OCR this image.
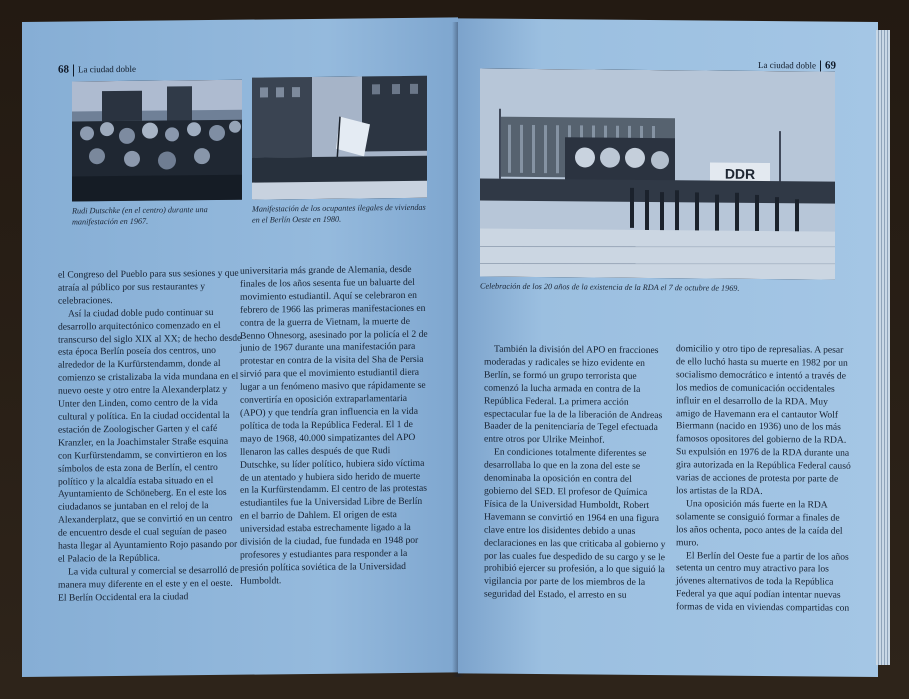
68 La ciudad doble
Rudi Dutschke (en el centro) durante una manifestación en 1967.
Manifestación de los ocupantes ilegales de viviendas en el Berlín Oeste en 1980.

el Congreso del Pueblo para sus sesiones y que atraía al público por sus restaurantes y celebraciones.

Así la ciudad doble pudo continuar su desarrollo arquitectónico comenzado en el transcurso del siglo XIX al XX; de hecho desde esta época Berlín poseía dos centros, uno alrededor de la Kurfürstendamm, donde al comienzo se cristalizaba la vida mundana en el nuevo oeste y otro entre la Alexanderplatz y Unter den Linden, como centro de la vida cultural y política. En la ciudad occidental la estación de Zoologischer Garten y el café Kranzler, en la Joachimstaler Straße esquina con Kurfürstendamm, se convirtieron en los símbolos de esta zona de Berlín, el centro político y la alcaldía estaba situado en el Ayuntamiento de Schöneberg. En el este los ciudadanos se juntaban en el reloj de la Alexanderplatz, que se convirtió en un centro de encuentro desde el cual seguían de paseo hasta llegar al Ayuntamiento Rojo pasando por el Palacio de la República.

La vida cultural y comercial se desarrolló de manera muy diferente en el este y en el oeste. El Berlín Occidental era la ciudad

universitaria más grande de Alemania, desde finales de los años sesenta fue un baluarte del movimiento estudiantil. Aquí se celebraron en febrero de 1966 las primeras manifestaciones en contra de la guerra de Vietnam, la muerte de Benno Ohnesorg, asesinado por la policía el 2 de junio de 1967 durante una manifestación para protestar en contra de la visita del Sha de Persia sirvió para que el movimiento estudiantil diera lugar a un fenómeno masivo que rápidamente se convertiría en oposición extraparlamentaria (APO) y que tendría gran influencia en la vida política de toda la República Federal. El 1 de mayo de 1968, 40.000 simpatizantes del APO llenaron las calles después de que Rudi Dutschke, su líder político, hubiera sido víctima de un atentado y hubiera sido herido de muerte en la Kurfürstendamm. El centro de las protestas estudiantiles fue la Universidad Libre de Berlín en el barrio de Dahlem. El origen de esta universidad estaba estrechamente ligado a la división de la ciudad, fue fundada en 1948 por profesores y estudiantes para responder a la presión política soviética de la Universidad Humboldt.

La ciudad doble 69
DDR
Celebración de los 20 años de la existencia de la RDA el 7 de octubre de 1969.

También la división del APO en fracciones moderadas y radicales se hizo evidente en Berlín, se formó un grupo terrorista que comenzó la lucha armada en contra de la República Federal. La primera acción espectacular fue la de la liberación de Andreas Baader de la penitenciaría de Tegel efectuada entre otros por Ulrike Meinhof.

En condiciones totalmente diferentes se desarrollaba lo que en la zona del este se denominaba la oposición en contra del gobierno del SED. El profesor de Química Física de la Universidad Humboldt, Robert Havemann se convirtió en 1964 en una figura clave entre los disidentes debido a unas declaraciones en las que criticaba al gobierno y por las cuales fue despedido de su cargo y se le prohibió ejercer su profesión, a lo que siguió la vigilancia por parte de los miembros de la seguridad del Estado, el arresto en su

domicilio y otro tipo de represalias. A pesar de ello luchó hasta su muerte en 1982 por un socialismo democrático e intentó a través de los medios de comunicación occidentales influir en el desarrollo de la RDA. Muy amigo de Havemann era el cantautor Wolf Biermann (nacido en 1936) uno de los más famosos opositores del gobierno de la RDA. Su expulsión en 1976 de la RDA durante una gira autorizada en la República Federal causó varias de acciones de protesta por parte de los artistas de la RDA.

Una oposición más fuerte en la RDA solamente se consiguió formar a finales de los años ochenta, poco antes de la caída del muro.

El Berlín del Oeste fue a partir de los años setenta un centro muy atractivo para los jóvenes alternativos de toda la República Federal ya que aquí podían intentar nuevas formas de vida en viviendas compartidas con
